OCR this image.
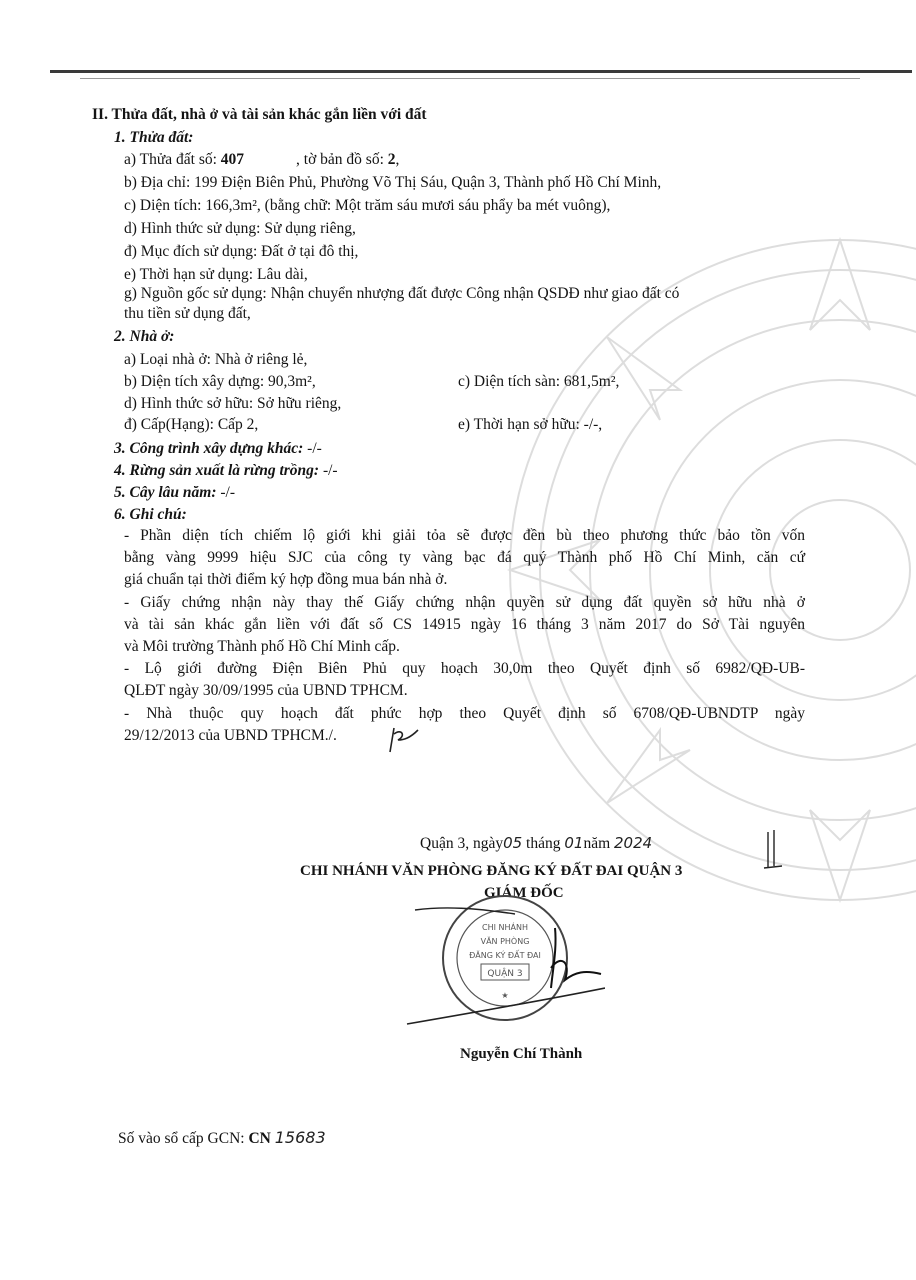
II. Thửa đất, nhà ở và tài sản khác gắn liền với đất
1. Thửa đất:
a) Thửa đất số: 407	, tờ bản đồ số: 2,
b) Địa chỉ: 199 Điện Biên Phủ, Phường Võ Thị Sáu, Quận 3, Thành phố Hồ Chí Minh,
c) Diện tích: 166,3m², (bằng chữ: Một trăm sáu mươi sáu phẩy ba mét vuông),
d) Hình thức sử dụng: Sử dụng riêng,
đ) Mục đích sử dụng: Đất ở tại đô thị,
e) Thời hạn sử dụng: Lâu dài,
g) Nguồn gốc sử dụng: Nhận chuyển nhượng đất được Công nhận QSDĐ như giao đất có
thu tiền sử dụng đất,
2. Nhà ở:
a) Loại nhà ở: Nhà ở riêng lẻ,
b) Diện tích xây dựng: 90,3m²,	c) Diện tích sàn: 681,5m²,
d) Hình thức sở hữu: Sở hữu riêng,
đ) Cấp(Hạng): Cấp 2,	e) Thời hạn sở hữu: -/-,
3. Công trình xây dựng khác: -/-
4. Rừng sản xuất là rừng trồng: -/-
5. Cây lâu năm: -/-
6. Ghi chú:
- Phần diện tích chiếm lộ giới khi giải tỏa sẽ được đền bù theo phương thức bảo tồn vốn
bằng vàng 9999 hiệu SJC của công ty vàng bạc đá quý Thành phố Hồ Chí Minh, căn cứ
giá chuẩn tại thời điểm ký hợp đồng mua bán nhà ở.
- Giấy chứng nhận này thay thế Giấy chứng nhận quyền sử dụng đất quyền sở hữu nhà ở
và tài sản khác gắn liền với đất số CS 14915 ngày 16 tháng 3 năm 2017 do Sở Tài nguyên
và Môi trường Thành phố Hồ Chí Minh cấp.
- Lộ giới đường Điện Biên Phủ quy hoạch 30,0m theo Quyết định số 6982/QĐ-UB-
QLĐT ngày 30/09/1995 của UBND TPHCM.
- Nhà thuộc quy hoạch đất phức hợp theo Quyết định số 6708/QĐ-UBNDTP ngày
29/12/2013 của UBND TPHCM./.
Quận 3, ngày05 tháng 01năm 2024
CHI NHÁNH VĂN PHÒNG ĐĂNG KÝ ĐẤT ĐAI QUẬN 3
GIÁM ĐỐC
CHI NHÁNH
VĂN PHÒNG
ĐĂNG KÝ ĐẤT ĐAI
QUẬN 3
★
Nguyễn Chí Thành
Số vào sổ cấp GCN: CN 15683
